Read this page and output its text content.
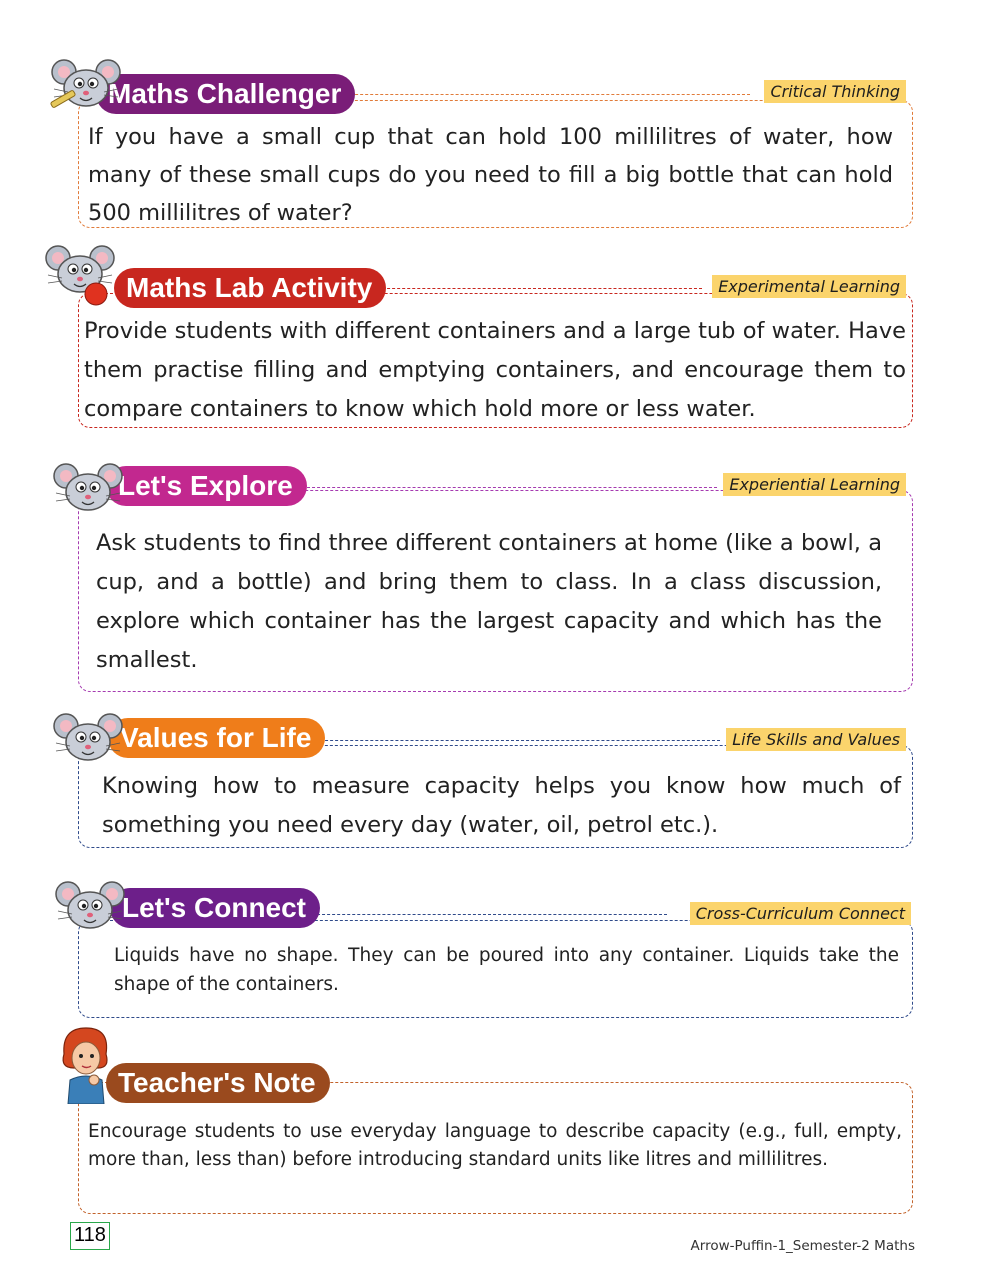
Maths Challenger	Critical Thinking
If you have a small cup that can hold 100 millilitres of water, how many of these small cups do you need to fill a big bottle that can hold 500 millilitres of water?
Maths Lab Activity	Experimental Learning
Provide students with different containers and a large tub of water. Have them practise filling and emptying containers, and encourage them to compare containers to know which hold more or less water.
Let's Explore	Experiential Learning
Ask students to find three different containers at home (like a bowl, a cup, and a bottle) and bring them to class. In a class discussion, explore which container has the largest capacity and which has the smallest.
Values for Life	Life Skills and Values
Knowing how to measure capacity helps you know how much of something you need every day (water, oil, petrol etc.).
Let's Connect	Cross-Curriculum Connect
Liquids have no shape. They can be poured into any container. Liquids take the shape of the containers.
Teacher's Note
Encourage students to use everyday language to describe capacity (e.g., full, empty, more than, less than) before introducing standard units like litres and millilitres.
118	Arrow-Puffin-1_Semester-2 Maths
